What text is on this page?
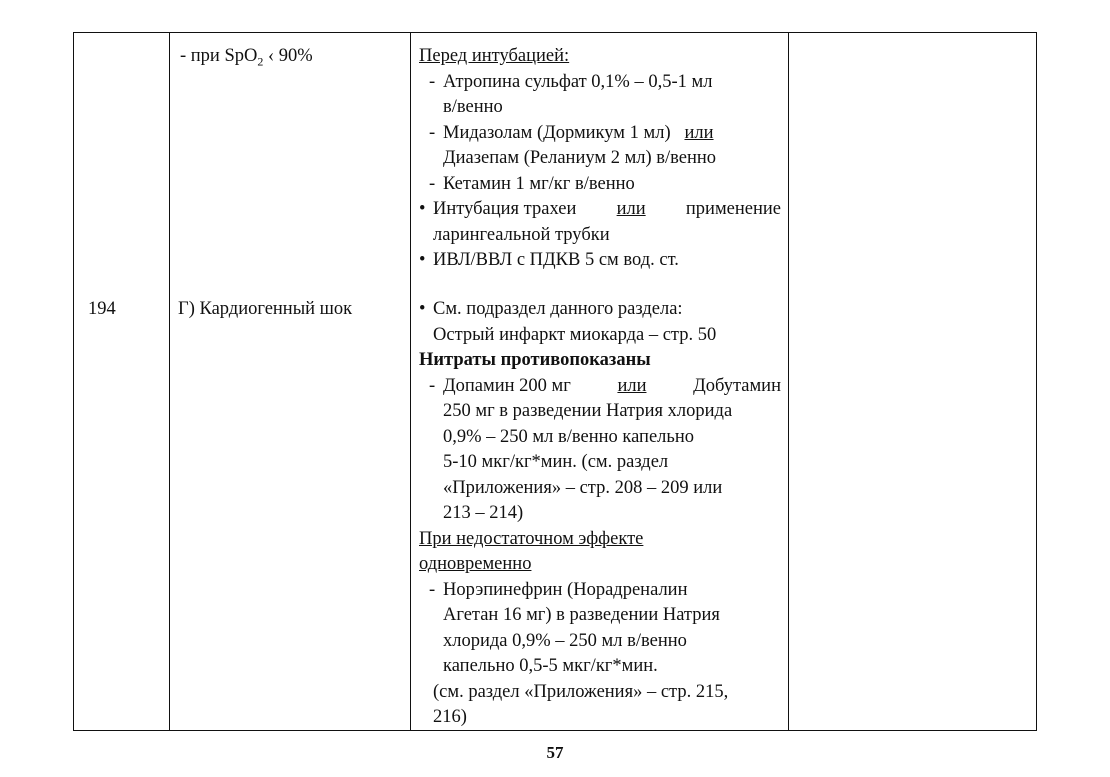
194
- при SpO$_2$ ‹ 90%
Г) Кардиогенный шок
Перед интубацией:
- Атропина сульфат 0,1% – 0,5-1 мл
в/венно
- Мидазолам (Дормикум 1 мл) или
Диазепам (Реланиум 2 мл) в/венно
- Кетамин 1 мг/кг в/венно
• Интубация трахеи или применение
ларингеальной трубки
• ИВЛ/ВВЛ с ПДКВ 5 см вод. ст.
• См. подраздел данного раздела:
Острый инфаркт миокарда – стр. 50
Нитраты противопоказаны
- Допамин 200 мг	или	Добутамин
250 мг в разведении Натрия хлорида
0,9% – 250 мл в/венно капельно
5-10 мкг/кг*мин. (см. раздел
«Приложения» – стр. 208 – 209 или
213 – 214)
При недостаточном эффекте
одновременно
- Норэпинефрин (Норадреналин
Агетан 16 мг) в разведении Натрия
хлорида 0,9% – 250 мл в/венно
капельно 0,5-5 мкг/кг*мин.
(см. раздел «Приложения» – стр. 215,
216)
57
